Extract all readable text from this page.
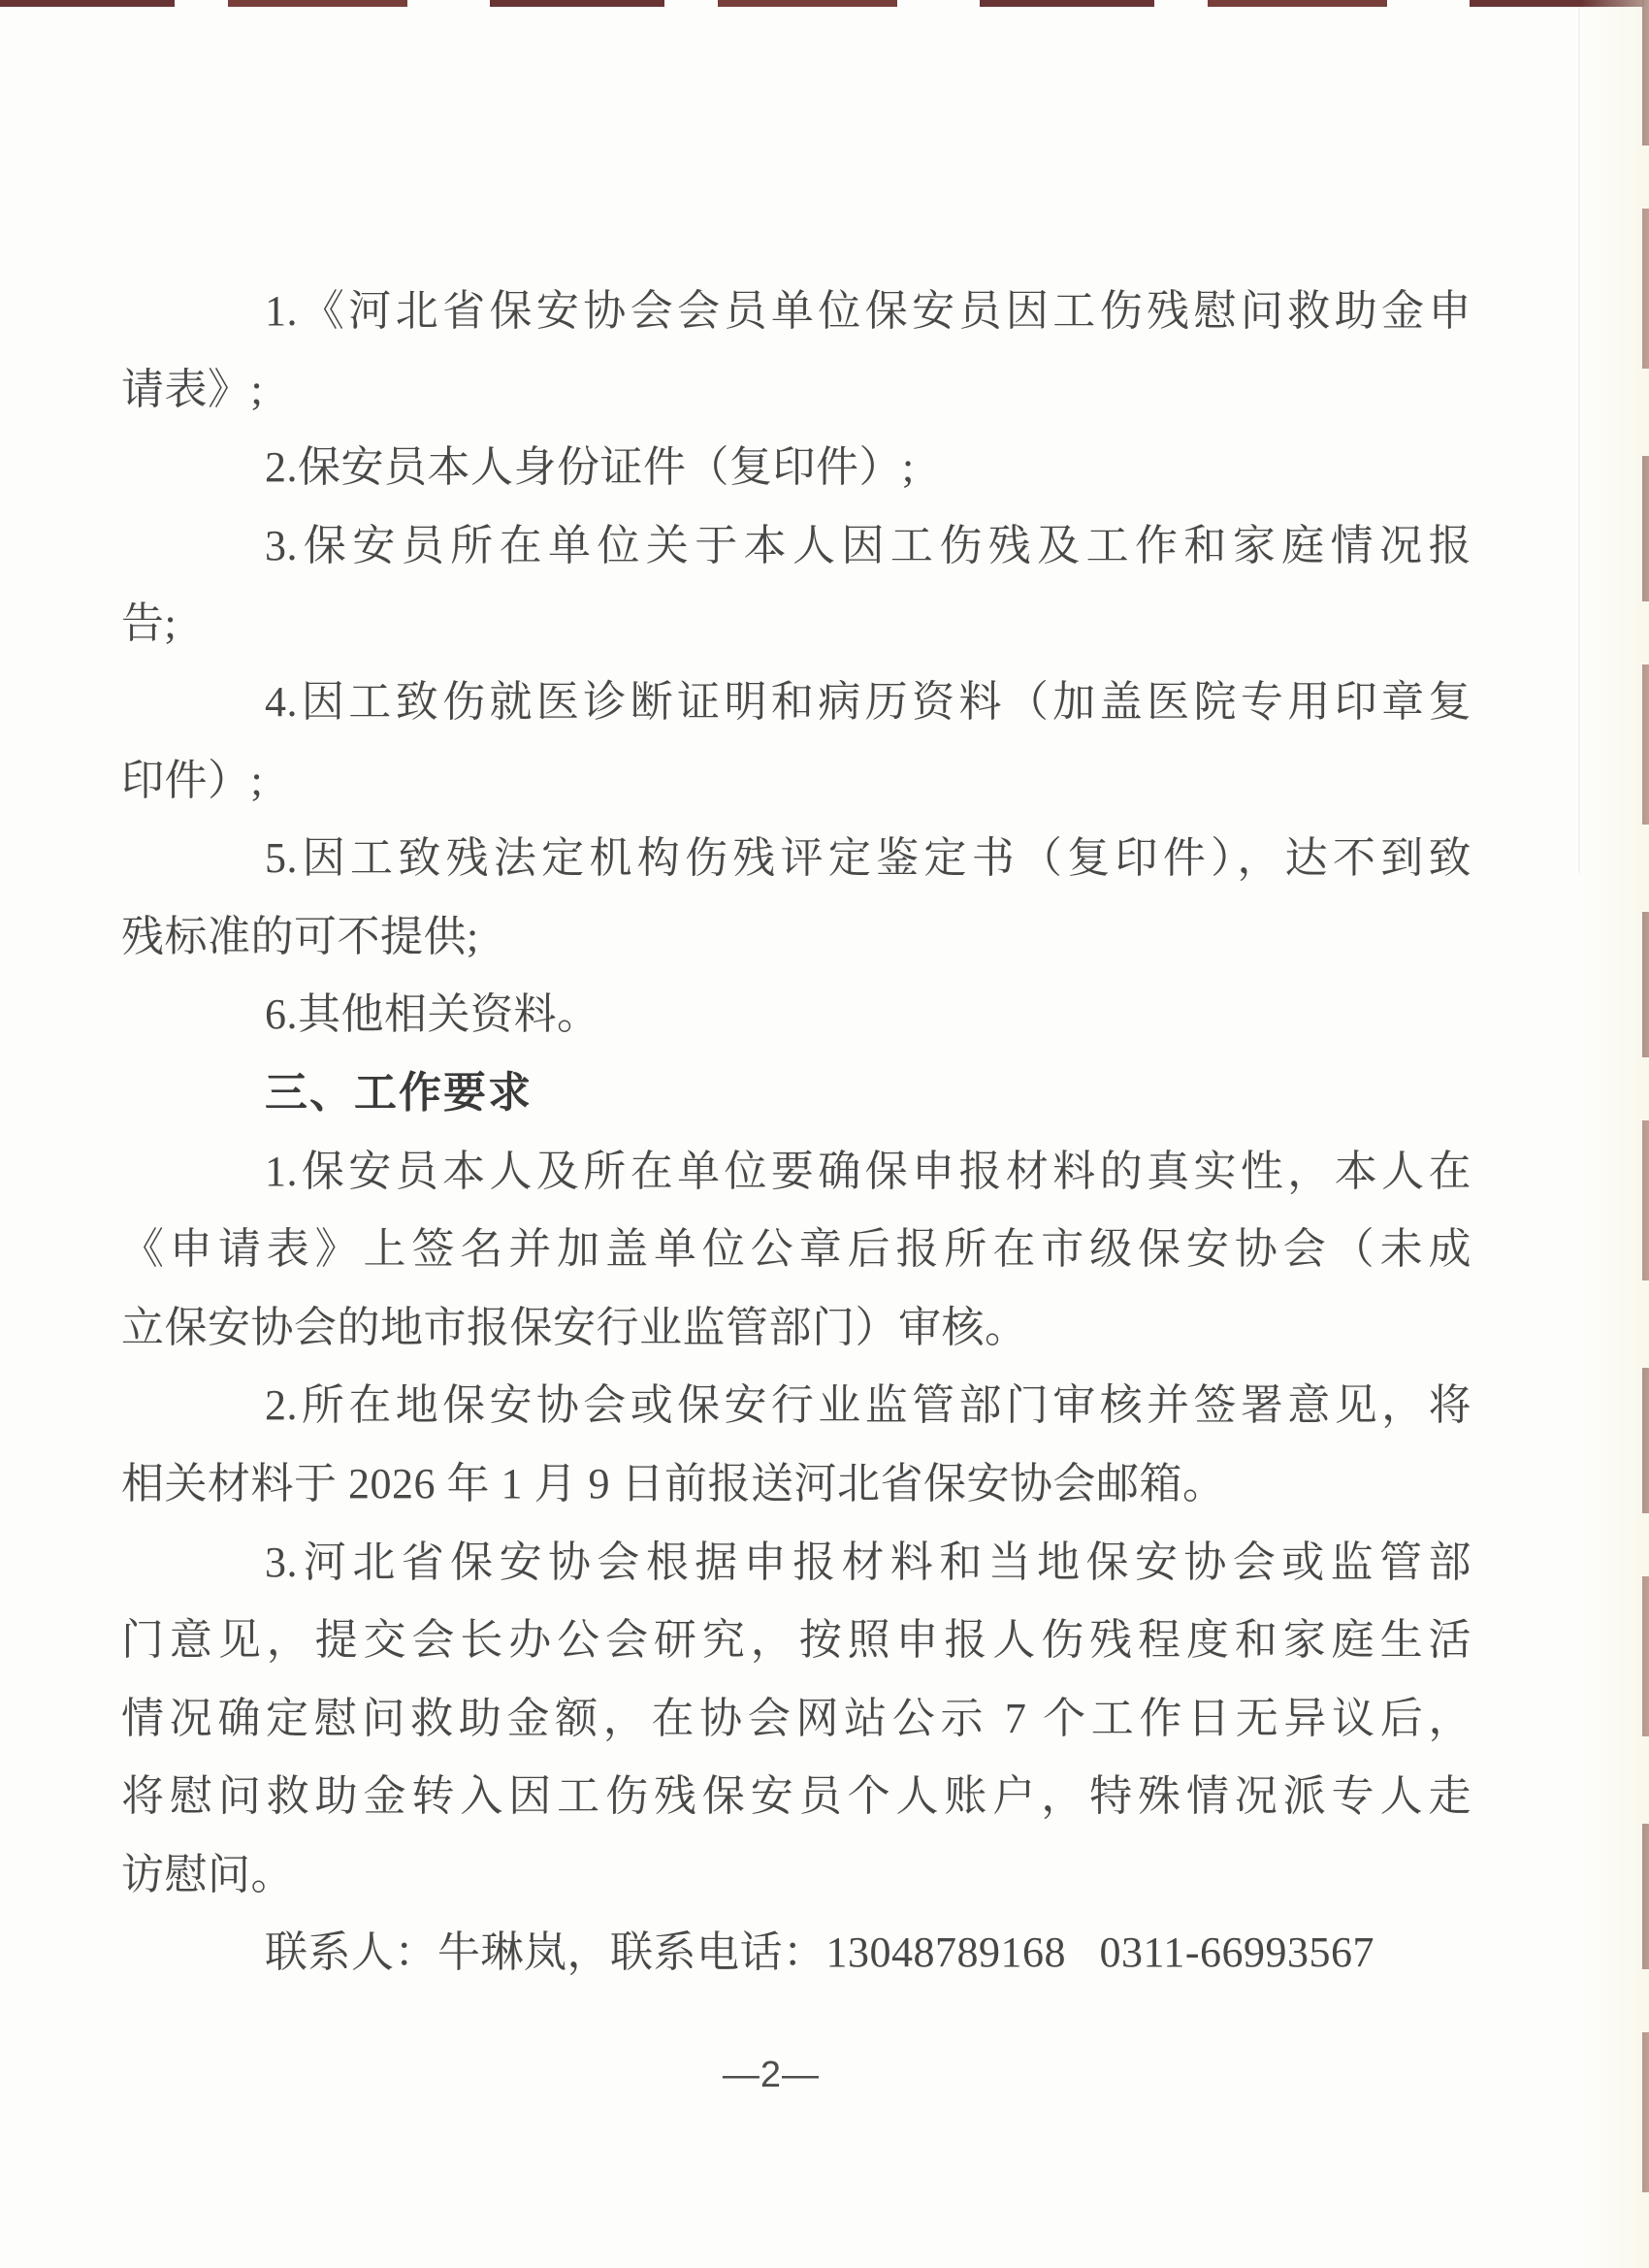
1.《河北省保安协会会员单位保安员因工伤残慰问救助金申
请表》;
2.保安员本人身份证件（复印件）;
3.保安员所在单位关于本人因工伤残及工作和家庭情况报
告;
4.因工致伤就医诊断证明和病历资料（加盖医院专用印章复
印件）;
5.因工致残法定机构伤残评定鉴定书（复印件），达不到致
残标准的可不提供;
6.其他相关资料。
三、工作要求
1.保安员本人及所在单位要确保申报材料的真实性，本人在
《申请表》上签名并加盖单位公章后报所在市级保安协会（未成
立保安协会的地市报保安行业监管部门）审核。
2.所在地保安协会或保安行业监管部门审核并签署意见，将
相关材料于 2026 年 1 月 9 日前报送河北省保安协会邮箱。
3.河北省保安协会根据申报材料和当地保安协会或监管部
门意见，提交会长办公会研究，按照申报人伤残程度和家庭生活
情况确定慰问救助金额，在协会网站公示 7 个工作日无异议后，
将慰问救助金转入因工伤残保安员个人账户，特殊情况派专人走
访慰问。
联系人：牛琳岚，联系电话：13048789168   0311-66993567
—2—
